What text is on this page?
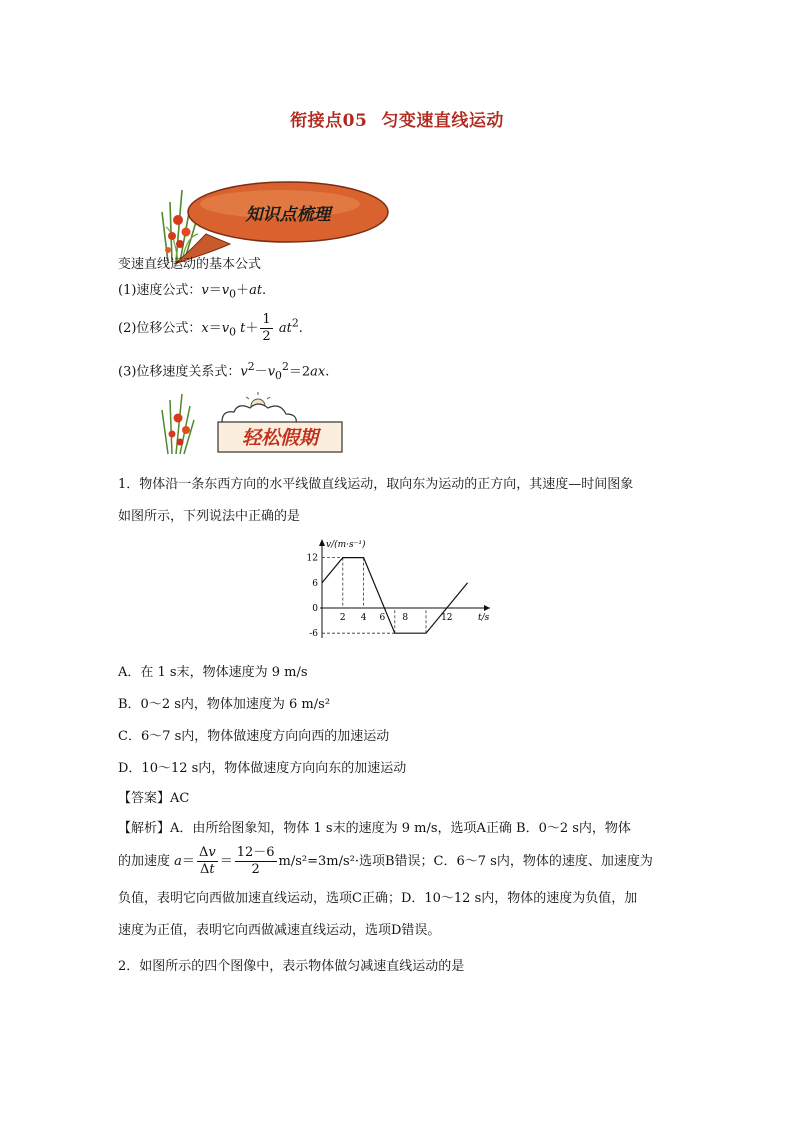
衔接点05 匀变速直线运动
知识点梳理
变速直线运动的基本公式
(1)速度公式：$v=v_0+at$.
(2)位移公式：$x=v_0$ $t+ \frac{1}{2} at^2$.
(3)位移速度关系式：$v^2-v_0^2=2ax$.
轻松假期
1．物体沿一条东西方向的水平线做直线运动，取向东为运动的正方向，其速度—时间图象
如图所示，下列说法中正确的是
12
6
0
-6
2 4 6 8	12
v/(m·s⁻¹)
t/s
A．在 1 s末，物体速度为 9 m/s
B．0～2 s内，物体加速度为 6 m/s²
C．6～7 s内，物体做速度方向向西的加速运动
D．10～12 s内，物体做速度方向向东的加速运动
【答案】AC
【解析】A．由所给图象知，物体 1 s末的速度为 9 m/s，选项A正确 B．0～2 s内，物体
的加速度 $a= \frac{\Delta v}{\Delta t} = \frac{12-6}{2} m/s^2=3m/s^2\cdot$选项B错误；C．6～7 s内，物体的速度、加速度为
负值，表明它向西做加速直线运动，选项C正确；D．10～12 s内，物体的速度为负值，加
速度为正值，表明它向西做减速直线运动，选项D错误。
2．如图所示的四个图像中，表示物体做匀减速直线运动的是
